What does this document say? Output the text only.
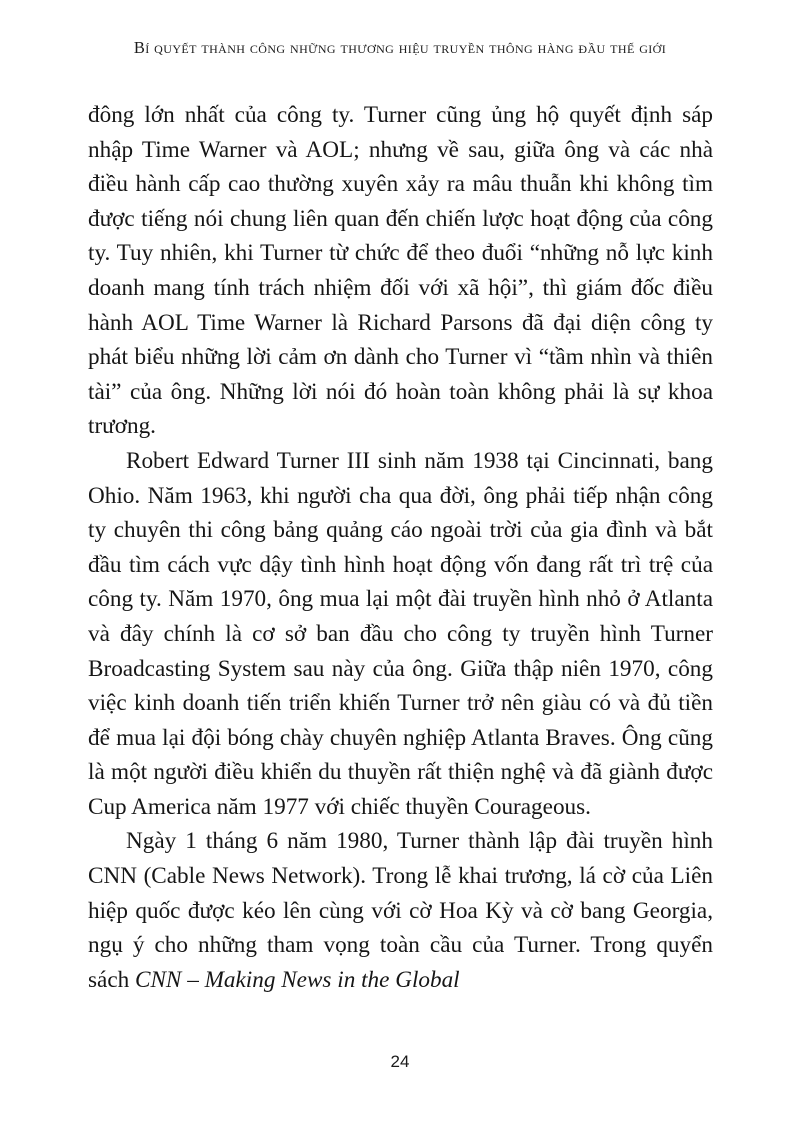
Bí quyết thành công những thương hiệu truyền thông hàng đầu thế giới

đông lớn nhất của công ty. Turner cũng ủng hộ quyết định sáp nhập Time Warner và AOL; nhưng về sau, giữa ông và các nhà điều hành cấp cao thường xuyên xảy ra mâu thuẫn khi không tìm được tiếng nói chung liên quan đến chiến lược hoạt động của công ty. Tuy nhiên, khi Turner từ chức để theo đuổi “những nỗ lực kinh doanh mang tính trách nhiệm đối với xã hội”, thì giám đốc điều hành AOL Time Warner là Richard Parsons đã đại diện công ty phát biểu những lời cảm ơn dành cho Turner vì “tầm nhìn và thiên tài” của ông. Những lời nói đó hoàn toàn không phải là sự khoa trương.

Robert Edward Turner III sinh năm 1938 tại Cincinnati, bang Ohio. Năm 1963, khi người cha qua đời, ông phải tiếp nhận công ty chuyên thi công bảng quảng cáo ngoài trời của gia đình và bắt đầu tìm cách vực dậy tình hình hoạt động vốn đang rất trì trệ của công ty. Năm 1970, ông mua lại một đài truyền hình nhỏ ở Atlanta và đây chính là cơ sở ban đầu cho công ty truyền hình Turner Broadcasting System sau này của ông. Giữa thập niên 1970, công việc kinh doanh tiến triển khiến Turner trở nên giàu có và đủ tiền để mua lại đội bóng chày chuyên nghiệp Atlanta Braves. Ông cũng là một người điều khiển du thuyền rất thiện nghệ và đã giành được Cup America năm 1977 với chiếc thuyền Courageous.

Ngày 1 tháng 6 năm 1980, Turner thành lập đài truyền hình CNN (Cable News Network). Trong lễ khai trương, lá cờ của Liên hiệp quốc được kéo lên cùng với cờ Hoa Kỳ và cờ bang Georgia, ngụ ý cho những tham vọng toàn cầu của Turner. Trong quyển sách CNN – Making News in the Global

24
